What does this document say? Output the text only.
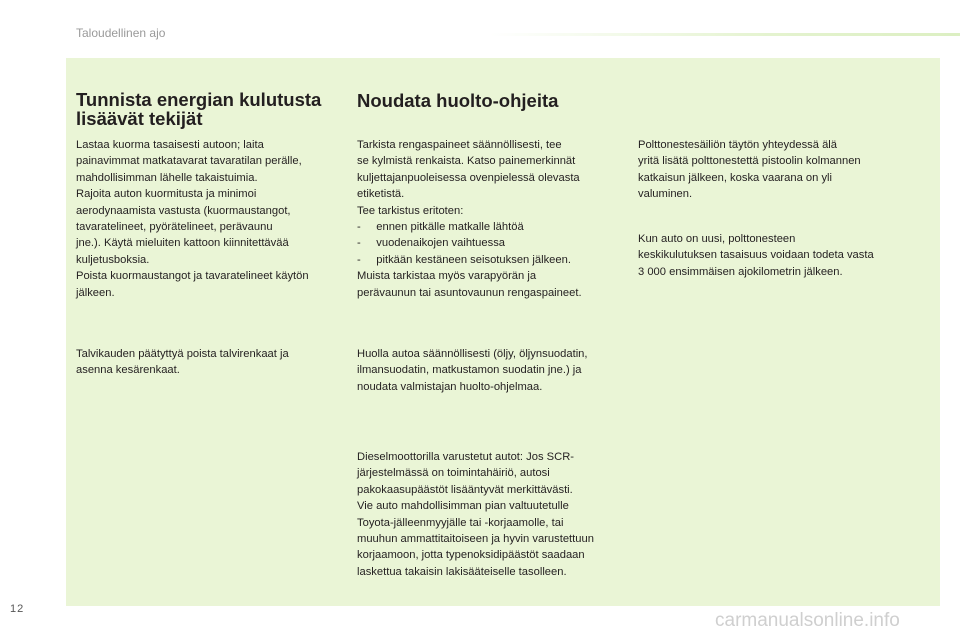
Taloudellinen ajo
Tunnista energian kulutusta
lisäävät tekijät

Lastaa kuorma tasaisesti autoon; laita
painavimmat matkatavarat tavaratilan perälle,
mahdollisimman lähelle takaistuimia.
Rajoita auton kuormitusta ja minimoi
aerodynaamista vastusta (kuormaustangot,
tavaratelineet, pyörätelineet, perävaunu
jne.). Käytä mieluiten kattoon kiinnitettävää
kuljetusboksia.
Poista kuormaustangot ja tavaratelineet käytön
jälkeen.

Talvikauden päätyttyä poista talvirenkaat ja
asenna kesärenkaat.

Noudata huolto-ohjeita

Tarkista rengaspaineet säännöllisesti, tee
se kylmistä renkaista. Katso painemerkinnät
kuljettajanpuoleisessa ovenpielessä olevasta
etiketistä.
Tee tarkistus eritoten:
-     ennen pitkälle matkalle lähtöä
-     vuodenaikojen vaihtuessa
-     pitkään kestäneen seisotuksen jälkeen.
Muista tarkistaa myös varapyörän ja
perävaunun tai asuntovaunun rengaspaineet.

Huolla autoa säännöllisesti (öljy, öljynsuodatin,
ilmansuodatin, matkustamon suodatin jne.) ja
noudata valmistajan huolto-ohjelmaa.

Dieselmoottorilla varustetut autot: Jos SCR-
järjestelmässä on toimintahäiriö, autosi
pakokaasupäästöt lisääntyvät merkittävästi.
Vie auto mahdollisimman pian valtuutetulle
Toyota-jälleenmyyjälle tai -korjaamolle, tai
muuhun ammattitaitoiseen ja hyvin varustettuun
korjaamoon, jotta typenoksidipäästöt saadaan
laskettua takaisin lakisääteiselle tasolleen.

Polttonestesäiliön täytön yhteydessä älä
yritä lisätä polttonestettä pistoolin kolmannen
katkaisun jälkeen, koska vaarana on yli
valuminen.

Kun auto on uusi, polttonesteen
keskikulutuksen tasaisuus voidaan todeta vasta
3 000 ensimmäisen ajokilometrin jälkeen.

12
carmanualsonline.info
